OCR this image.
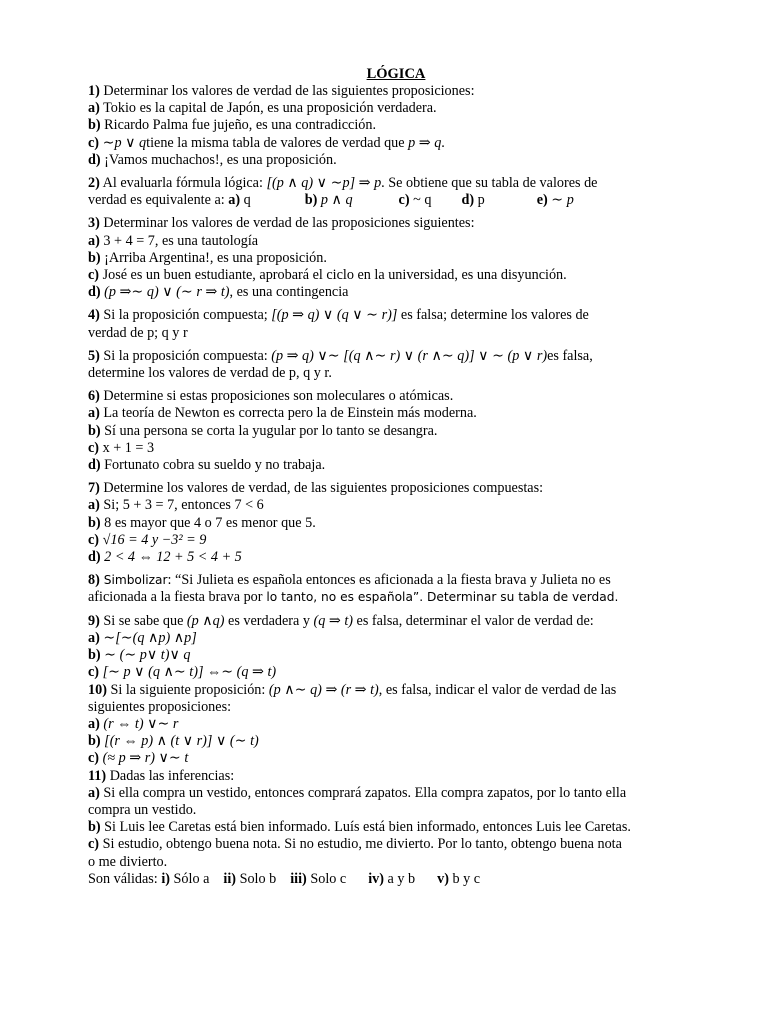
LÓGICA
1) Determinar los valores de verdad de las siguientes proposiciones:
a) Tokio es la capital de Japón, es una proposición verdadera.
b) Ricardo Palma fue jujeño, es una contradicción.
c) ∼p ∨ qtiene la misma tabla de valores de verdad que p ⇒ q.
d) ¡Vamos muchachos!, es una proposición.
2) Al evaluarla fórmula lógica: [(p ∧ q) ∨ ∼p] ⇒ p. Se obtiene que su tabla de valores de
verdad es equivalente a: a) q	b) p ∧ q	c) ~ q d) p	e) ∼ p
3) Determinar los valores de verdad de las proposiciones siguientes:
a) 3 + 4 = 7, es una tautología
b) ¡Arriba Argentina!, es una proposición.
c) José es un buen estudiante, aprobará el ciclo en la universidad, es una disyunción.
d) (p ⇒∼ q) ∨ (∼ r ⇒ t), es una contingencia
4) Si la proposición compuesta; [(p ⇒ q) ∨ (q ∨ ∼ r)] es falsa; determine los valores de
verdad de p; q y r
5) Si la proposición compuesta: (p ⇒ q) ∨∼ [(q ∧∼ r) ∨ (r ∧∼ q)] ∨ ∼ (p ∨ r)es falsa,
determine los valores de verdad de p, q y r.
6) Determine si estas proposiciones son moleculares o atómicas.
a) La teoría de Newton es correcta pero la de Einstein más moderna.
b) Sí una persona se corta la yugular por lo tanto se desangra.
c) x + 1 = 3
d) Fortunato cobra su sueldo y no trabaja.
7) Determine los valores de verdad, de las siguientes proposiciones compuestas:
a) Si; 5 + 3 = 7, entonces 7 < 6
b) 8 es mayor que 4 o 7 es menor que 5.
c) √16 = 4 y −3² = 9
d) 2 < 4 ⇔ 12 + 5 < 4 + 5
8) Simbolizar: “Si Julieta es española entonces es aficionada a la fiesta brava y Julieta no es
aficionada a la fiesta brava por lo tanto, no es española”. Determinar su tabla de verdad.
9) Si se sabe que (p ∧q) es verdadera y (q ⇒ t) es falsa, determinar el valor de verdad de:
a) ∼[∼(q ∧p) ∧p]
b) ∼ (∼ p∨ t)∨ q
c) [∼ p ∨ (q ∧∼ t)] ⇔∼ (q ⇒ t)
10) Si la siguiente proposición: (p ∧∼ q) ⇒ (r ⇒ t), es falsa, indicar el valor de verdad de las
siguientes proposiciones:
a) (r ⇔ t) ∨∼ r
b) [(r ⇔ p) ∧ (t ∨ r)] ∨ (∼ t)
c) (≈ p ⇒ r) ∨∼ t
11) Dadas las inferencias:
a) Si ella compra un vestido, entonces comprará zapatos. Ella compra zapatos, por lo tanto ella
compra un vestido.
b) Si Luis lee Caretas está bien informado. Luís está bien informado, entonces Luis lee Caretas.
c) Si estudio, obtengo buena nota. Si no estudio, me divierto. Por lo tanto, obtengo buena nota
o me divierto.
Son válidas: i) Sólo a ii) Solo b iii) Solo c iv) a y b v) b y c
